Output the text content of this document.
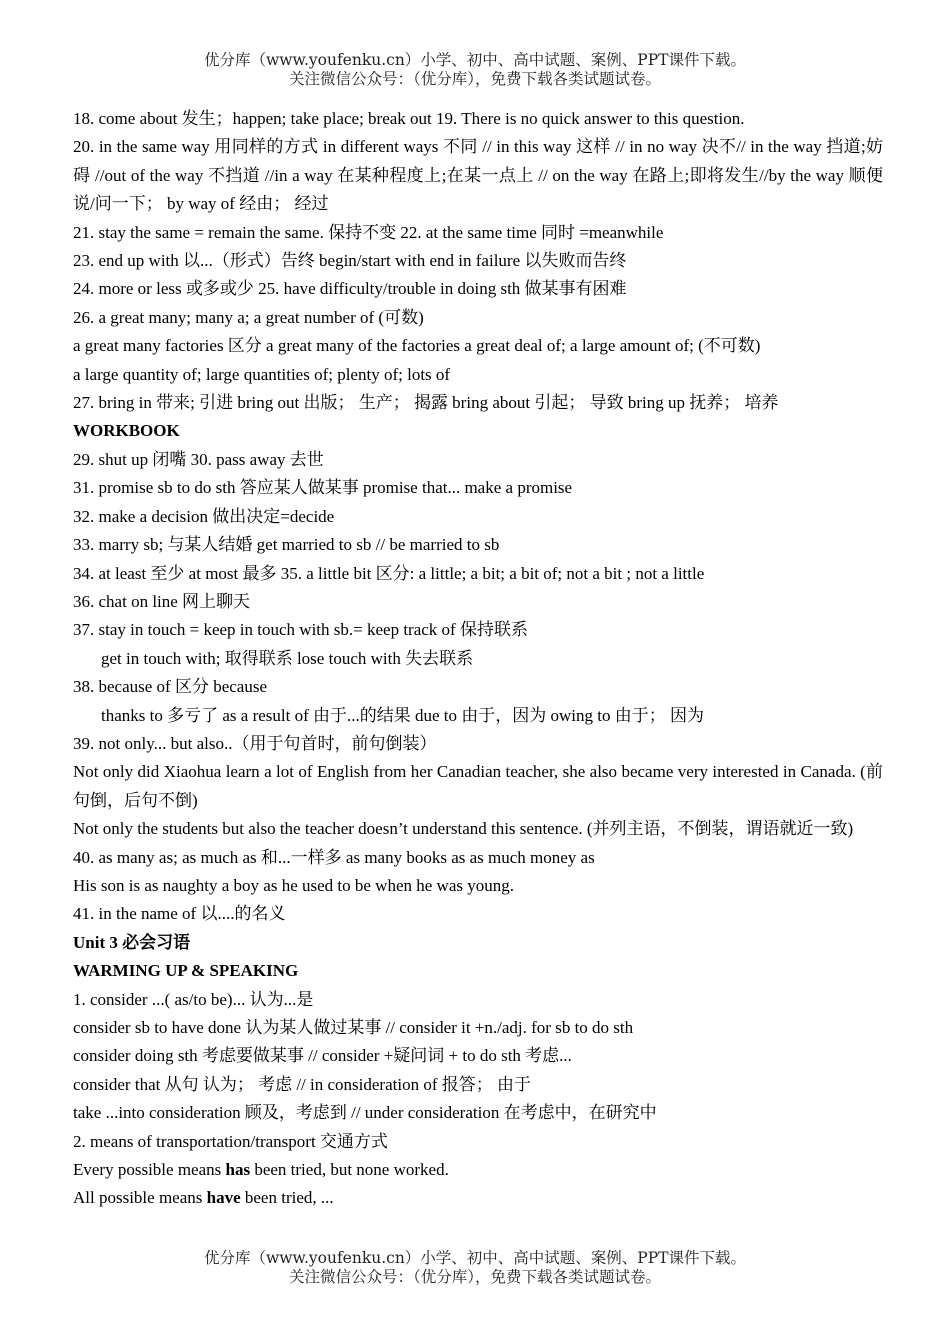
优分库（www.youfenku.cn）小学、初中、高中试题、案例、PPT课件下载。
关注微信公众号：（优分库），免费下载各类试题试卷。
18. come about 发生；happen; take place; break out 19. There is no quick answer to this question.
20. in the same way 用同样的方式 in different ways 不同 // in this way 这样 // in no way 决不// in the way 挡道;妨碍 //out of the way 不挡道 //in a way 在某种程度上;在某一点上 // on the way 在路上;即将发生//by the way 顺便说/问一下； by way of 经由； 经过
21. stay the same = remain the same. 保持不变 22. at the same time 同时 =meanwhile
23. end up with 以...（形式）告终 begin/start with end in failure 以失败而告终
24. more or less 或多或少 25. have difficulty/trouble in doing sth 做某事有困难
26. a great many; many a; a great number of (可数)
a great many factories 区分 a great many of the factories a great deal of; a large amount of; (不可数)
a large quantity of; large quantities of; plenty of; lots of
27. bring in 带来; 引进 bring out 出版； 生产； 揭露 bring about 引起； 导致 bring up 抚养； 培养
WORKBOOK
29. shut up 闭嘴 30. pass away 去世
31. promise sb to do sth 答应某人做某事 promise that... make a promise
32. make a decision 做出决定=decide
33. marry sb; 与某人结婚 get married to sb // be married to sb
34. at least 至少 at most 最多 35. a little bit 区分: a little; a bit; a bit of; not a bit ; not a little
36. chat on line 网上聊天
37. stay in touch = keep in touch with sb.= keep track of 保持联系
get in touch with; 取得联系 lose touch with 失去联系
38. because of 区分 because
thanks to 多亏了 as a result of 由于...的结果 due to 由于，因为 owing to 由于； 因为
39. not only... but also..（用于句首时，前句倒装）
Not only did Xiaohua learn a lot of English from her Canadian teacher, she also became very interested in Canada. (前句倒，后句不倒)
Not only the students but also the teacher doesn’t understand this sentence. (并列主语，不倒装，谓语就近一致)
40. as many as; as much as 和...一样多 as many books as as much money as
His son is as naughty a boy as he used to be when he was young.
41. in the name of 以....的名义
Unit 3 必会习语
WARMING UP & SPEAKING
1. consider ...( as/to be)... 认为...是
consider sb to have done 认为某人做过某事 // consider it +n./adj. for sb to do sth
consider doing sth 考虑要做某事 // consider +疑问词 + to do sth 考虑...
consider that 从句 认为； 考虑 // in consideration of 报答； 由于
take ...into consideration 顾及，考虑到 // under consideration 在考虑中，在研究中
2. means of transportation/transport 交通方式
Every possible means has been tried, but none worked.
All possible means have been tried, ...
优分库（www.youfenku.cn）小学、初中、高中试题、案例、PPT课件下载。
关注微信公众号：（优分库），免费下载各类试题试卷。
